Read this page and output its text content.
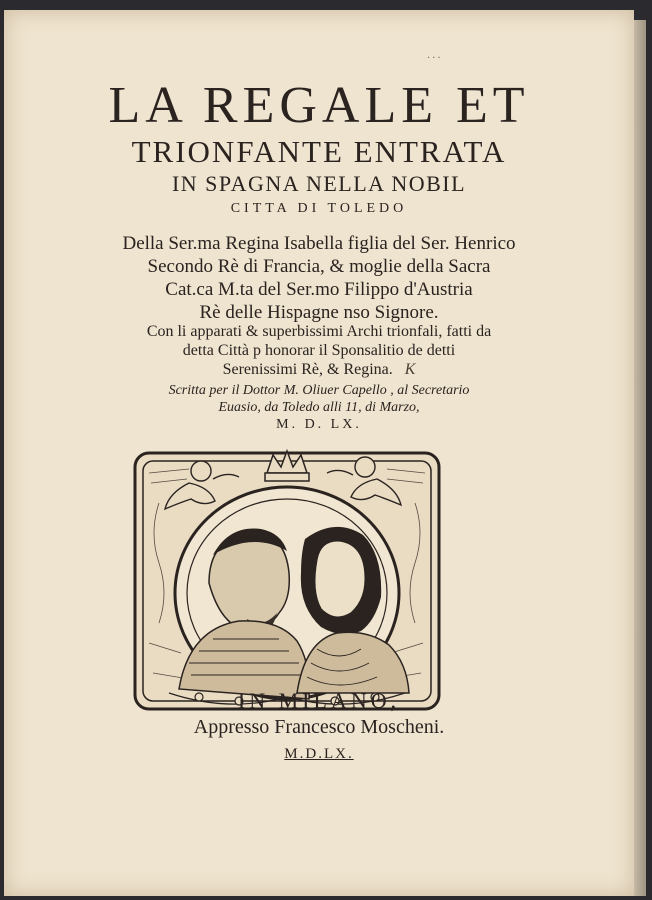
...
LA REGALE ET
TRIONFANTE ENTRATA
IN SPAGNA NELLA NOBIL
CITTA DI TOLEDO
Della Ser.ma Regina Isabella figlia del Ser. Henrico
Secondo Rè di Francia, & moglie della Sacra
Cat.ca M.ta del Ser.mo Filippo d'Austria
Rè delle Hispagne nso Signore.
Con li apparati & superbissimi Archi trionfali, fatti da
detta Città p honorar il Sponsalitio de detti
Serenissimi Rè, & Regina. K
Scritta per il Dottor M. Oliuer Capello , al Secretario
Euasio, da Toledo alli 11, di Marzo,
M. D. LX.
IN MILANO,
Appresso Francesco Moscheni.
M.D.LX.
